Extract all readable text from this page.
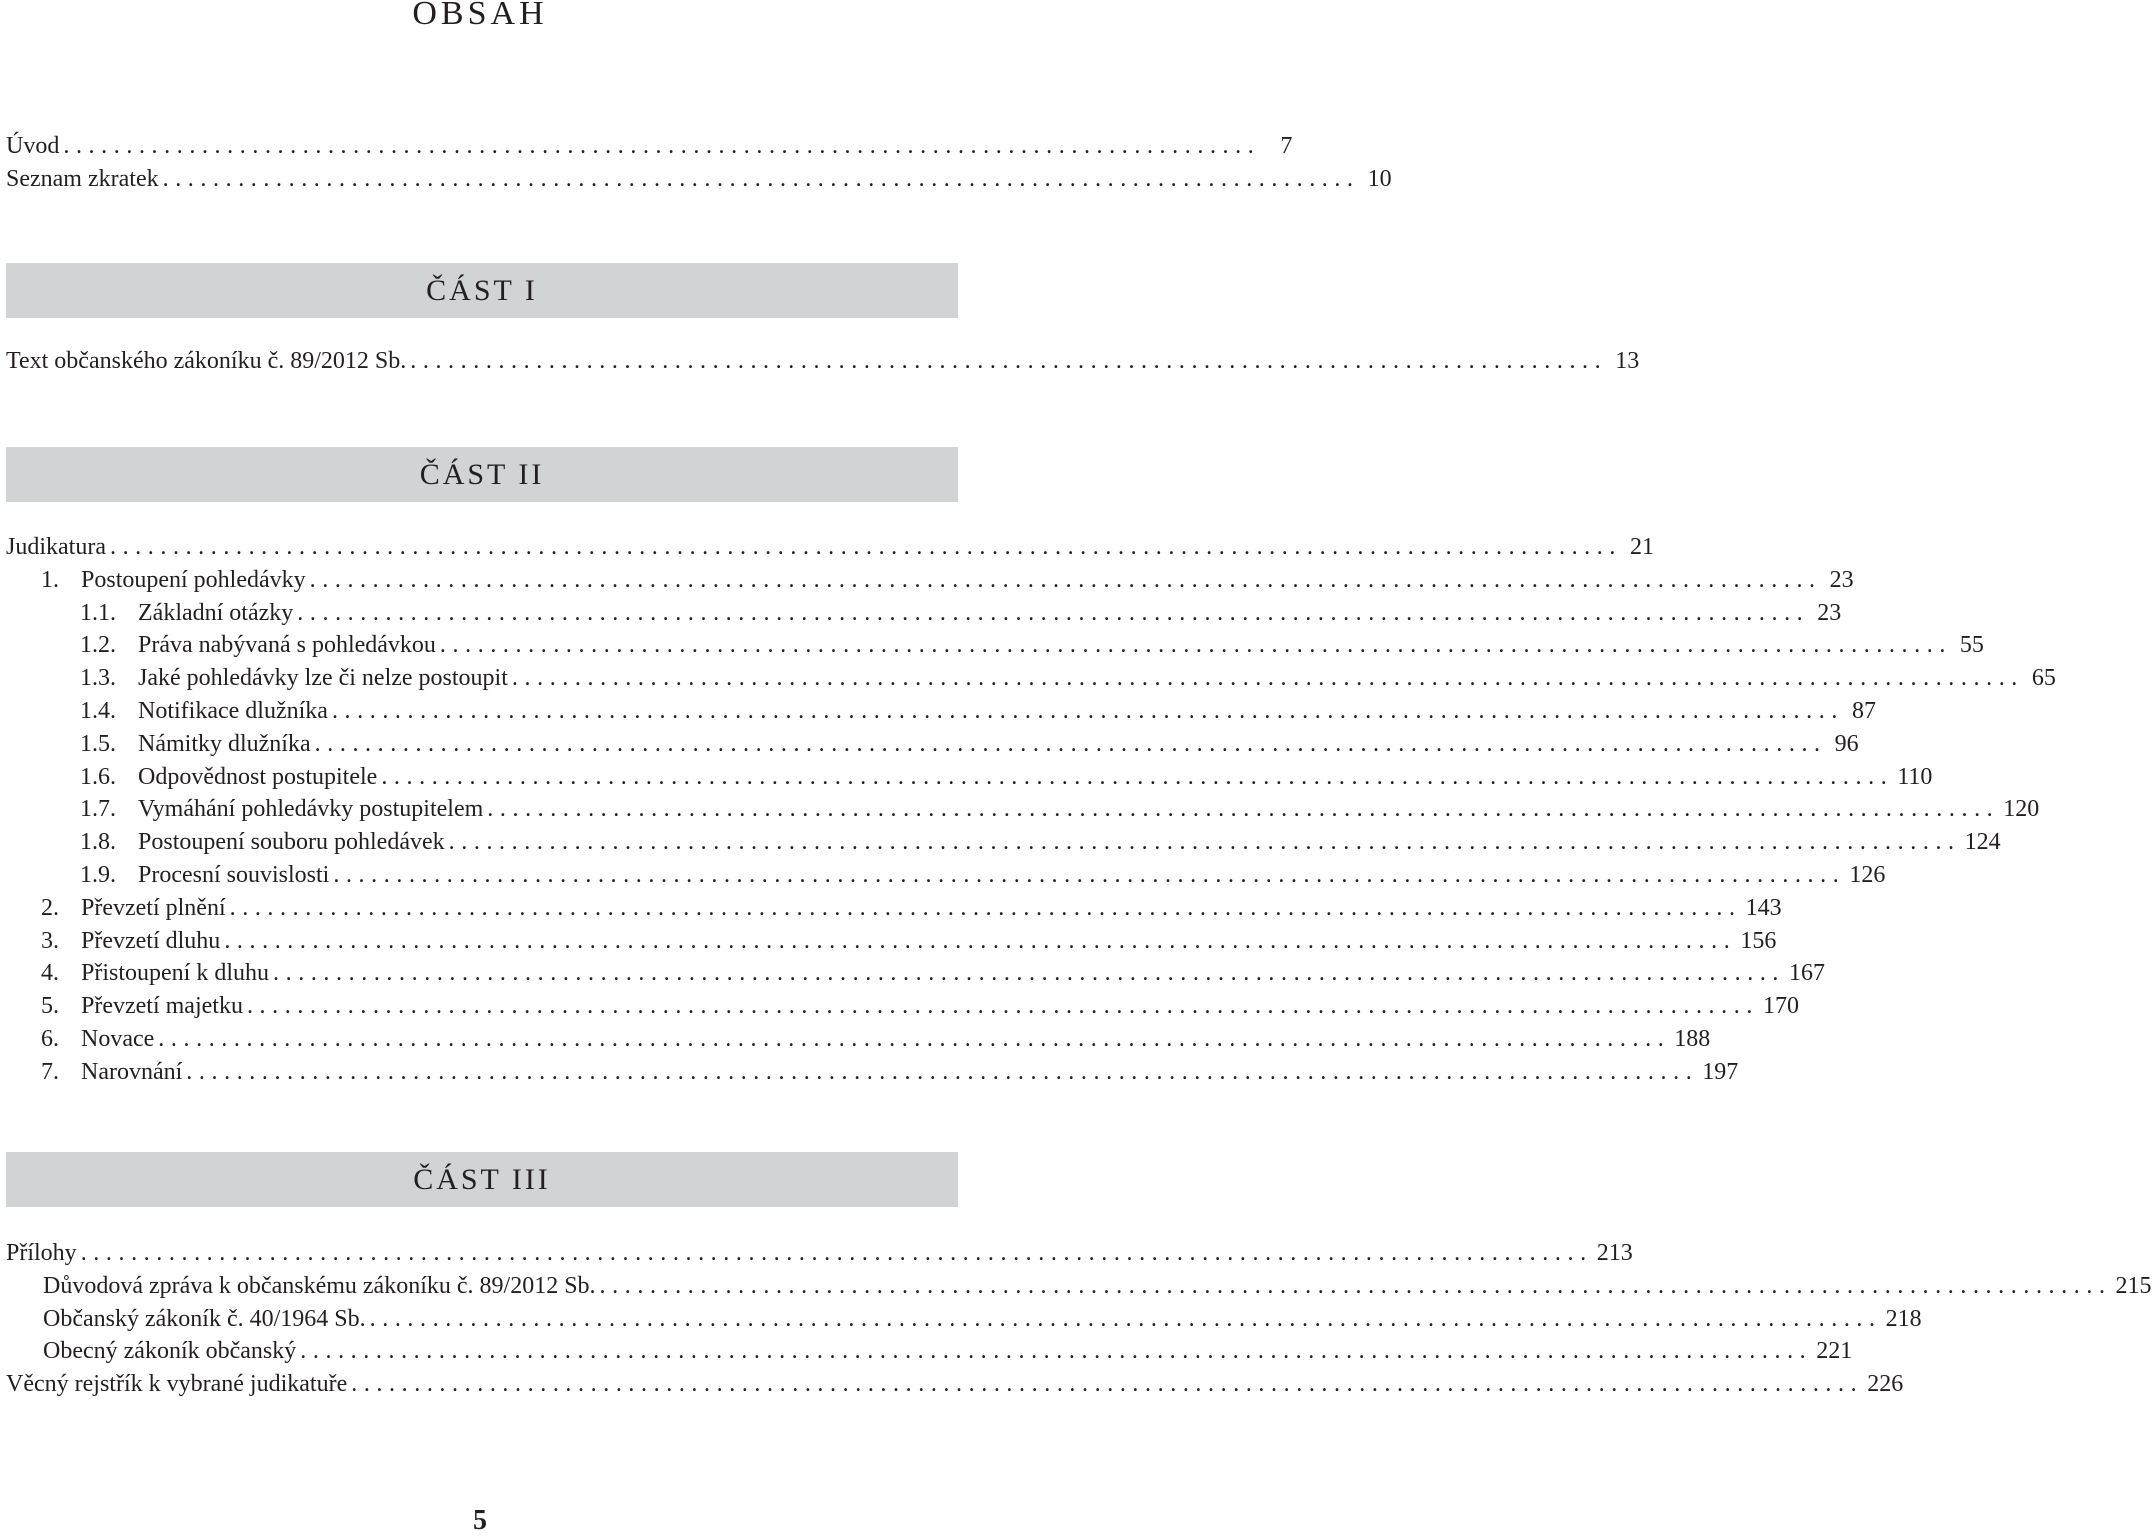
OBSAH
Úvod ............................................................................................... 7
Seznam zkratek ............................................................................................... 10
ČÁST I
Text občanského zákoníku č. 89/2012 Sb. ............................................................................................... 13
ČÁST II
Judikatura ........................................................................................................................ 21
1. Postoupení pohledávky ........................................................................................................................ 23
1.1. Základní otázky ........................................................................................................................ 23
1.2. Práva nabývaná s pohledávkou ........................................................................................................................ 55
1.3. Jaké pohledávky lze či nelze postoupit ........................................................................................................................ 65
1.4. Notifikace dlužníka ........................................................................................................................ 87
1.5. Námitky dlužníka ........................................................................................................................ 96
1.6. Odpovědnost postupitele ........................................................................................................................ 110
1.7. Vymáhání pohledávky postupitelem ........................................................................................................................ 120
1.8. Postoupení souboru pohledávek ........................................................................................................................ 124
1.9. Procesní souvislosti ........................................................................................................................ 126
2. Převzetí plnění ........................................................................................................................ 143
3. Převzetí dluhu ........................................................................................................................ 156
4. Přistoupení k dluhu ........................................................................................................................ 167
5. Převzetí majetku ........................................................................................................................ 170
6. Novace ........................................................................................................................ 188
7. Narovnání ........................................................................................................................ 197
ČÁST III
Přílohy ........................................................................................................................ 213
Důvodová zpráva k občanskému zákoníku č. 89/2012 Sb. ........................................................................................................................ 215
Občanský zákoník č. 40/1964 Sb. ........................................................................................................................ 218
Obecný zákoník občanský ........................................................................................................................ 221
Věcný rejstřík k vybrané judikatuře ........................................................................................................................ 226
5
